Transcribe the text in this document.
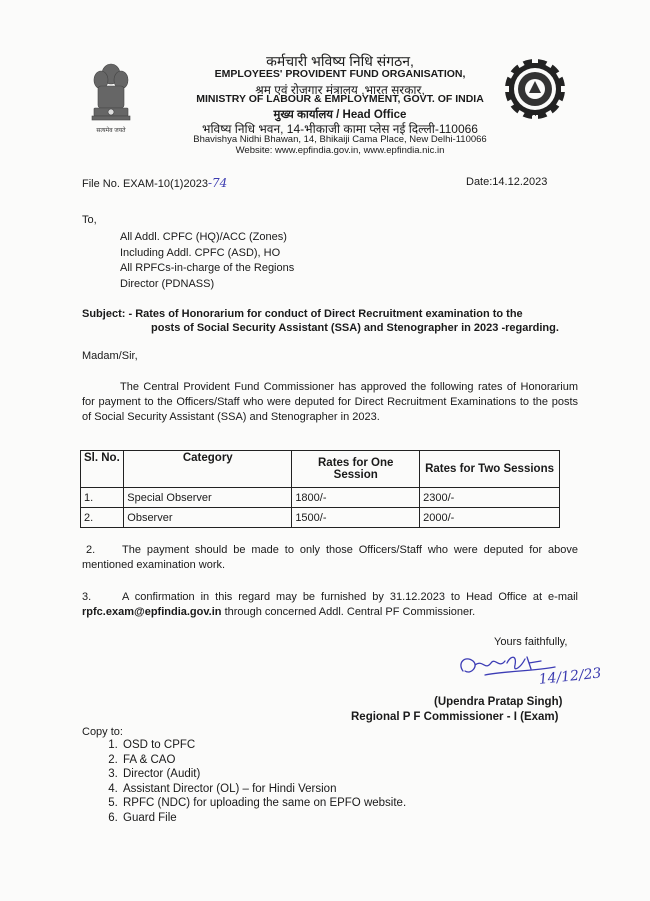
सत्यमेव जयते
कर्मचारी भविष्य निधि संगठन,
EMPLOYEES' PROVIDENT FUND ORGANISATION,
श्रम एवं रोजगार मंत्रालय ,भारत सरकार,
MINISTRY OF LABOUR & EMPLOYMENT, GOVT. OF INDIA
मुख्य कार्यालय / Head Office
भविष्य निधि भवन, 14-भीकाजी कामा प्लेस नई दिल्ली-110066
Bhavishya Nidhi Bhawan, 14, Bhikaiji Cama Place, New Delhi-110066
Website: www.epfindia.gov.in, www.epfindia.nic.in
EPFO
File No. EXAM-10(1)2023-74	Date:14.12.2023
To,
All Addl. CPFC (HQ)/ACC (Zones)
Including Addl. CPFC (ASD), HO
All RPFCs-in-charge of the Regions
Director (PDNASS)
Subject: - Rates of Honorarium for conduct of Direct Recruitment examination to the
posts of Social Security Assistant (SSA) and Stenographer in 2023 -regarding.
Madam/Sir,
The Central Provident Fund Commissioner has approved the following rates of Honorarium for payment to the Officers/Staff who were deputed for Direct Recruitment Examinations to the posts of Social Security Assistant (SSA) and Stenographer in 2023.
Sl. No.	Category	Rates for One Session	Rates for Two Sessions
1.	Special Observer	1800/-	2300/-
2.	Observer	1500/-	2000/-
2. The payment should be made to only those Officers/Staff who were deputed for above mentioned examination work.
3.	A confirmation in this regard may be furnished by 31.12.2023 to Head Office at e-mail rpfc.exam@epfindia.gov.in through concerned Addl. Central PF Commissioner.
Yours faithfully,
14/12/23
(Upendra Pratap Singh)
Regional P F Commissioner - I (Exam)
Copy to:
1. OSD to CPFC
2. FA & CAO
3. Director (Audit)
4. Assistant Director (OL) – for Hindi Version
5. RPFC (NDC) for uploading the same on EPFO website.
6. Guard File
